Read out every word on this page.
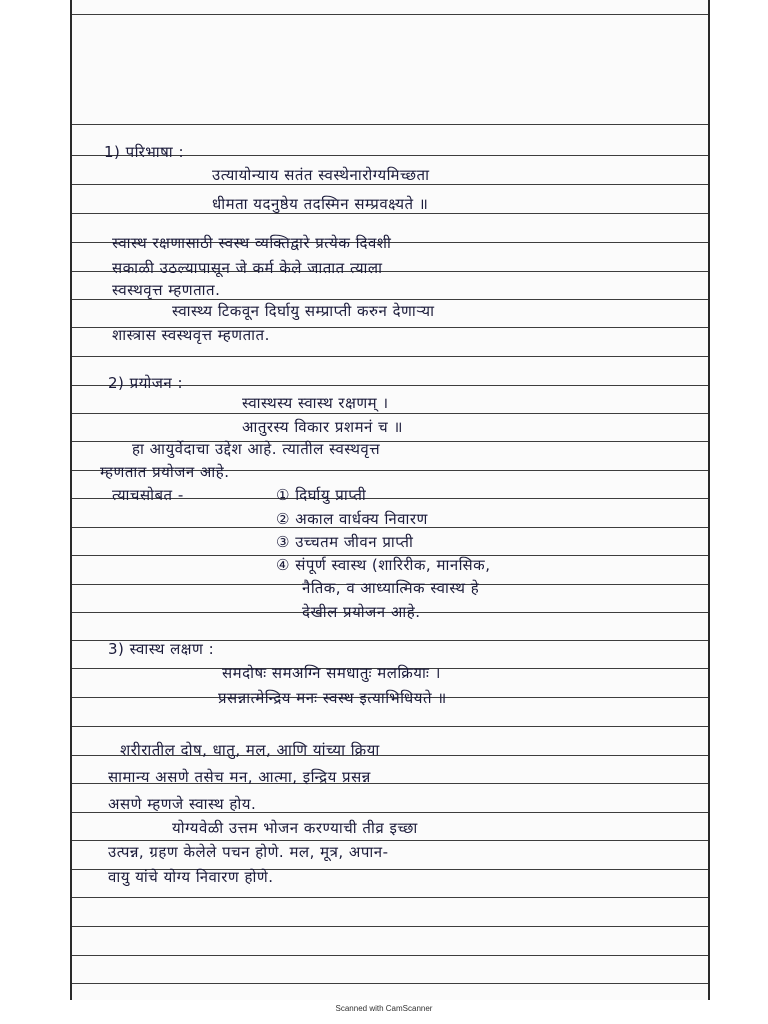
1) परिभाषा :
उत्यायोन्याय सतंत स्वस्थेनारोग्यमिच्छता
धीमता यदनुष्ठेय तदस्मिन सम्प्रवक्ष्यते ॥
स्वास्थ रक्षणासाठी स्वस्थ व्यक्तिद्वारे प्रत्येक दिवशी
सकाळी उठल्यापासून जे कर्म केले जातात त्याला
स्वस्थवृत्त म्हणतात.
स्वास्थ्य टिकवून दिर्घायु सम्प्राप्ती करुन देणाऱ्या
शास्त्रास स्वस्थवृत्त म्हणतात.
2) प्रयोजन :
स्वास्थस्य स्वास्थ रक्षणम् ।
आतुरस्य विकार प्रशमनं च ॥
हा आयुर्वेदाचा उद्देश आहे. त्यातील स्वस्थवृत्त
म्हणतात प्रयोजन आहे.
त्याचसोबत -	① दिर्घायु प्राप्ती
② अकाल वार्धक्य निवारण
③ उच्चतम जीवन प्राप्ती
④ संपूर्ण स्वास्थ (शारिरीक, मानसिक,
नैतिक, व आध्यात्मिक स्वास्थ हे
देखील प्रयोजन आहे.
3) स्वास्थ लक्षण :
समदोषः समअग्नि समधातुः मलक्रियाः ।
प्रसन्नात्मेन्द्रिय मनः स्वस्थ इत्याभिधियते ॥
शरीरातील दोष, धातु, मल, आणि यांच्या क्रिया
सामान्य असणे तसेच मन, आत्मा, इन्द्रिय प्रसन्न
असणे म्हणजे स्वास्थ होय.
योग्यवेळी उत्तम भोजन करण्याची तीव्र इच्छा
उत्पन्न, ग्रहण केलेले पचन होणे. मल, मूत्र, अपान-
वायु यांचे योग्य निवारण होणे.
Scanned with CamScanner
